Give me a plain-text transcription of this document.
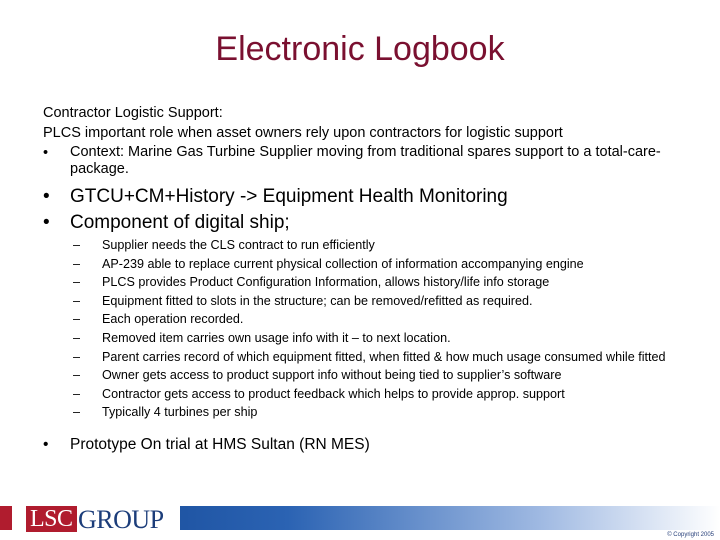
Electronic Logbook
Contractor Logistic Support:
PLCS important role when asset owners rely upon contractors for logistic support
•	Context: Marine Gas Turbine Supplier moving from traditional spares support to a total-care-package.
•	GTCU+CM+History -> Equipment Health Monitoring
•	Component of digital ship;
–	Supplier needs the CLS contract to run efficiently
–	AP-239 able to replace current physical collection of information accompanying engine
–	PLCS provides Product Configuration Information, allows history/life info storage
–	Equipment fitted to slots in the structure; can be removed/refitted as required.
–	Each operation recorded.
–	Removed item carries own usage info with it – to next location.
–	Parent carries record of which equipment fitted, when fitted & how much usage consumed while fitted
–	Owner gets access to product support info without being tied to supplier’s software
–	Contractor gets access to product feedback which helps to provide approp. support
–	Typically 4 turbines per ship
•	Prototype On trial at HMS Sultan (RN MES)
LSC GROUP
© Copyright 2005
